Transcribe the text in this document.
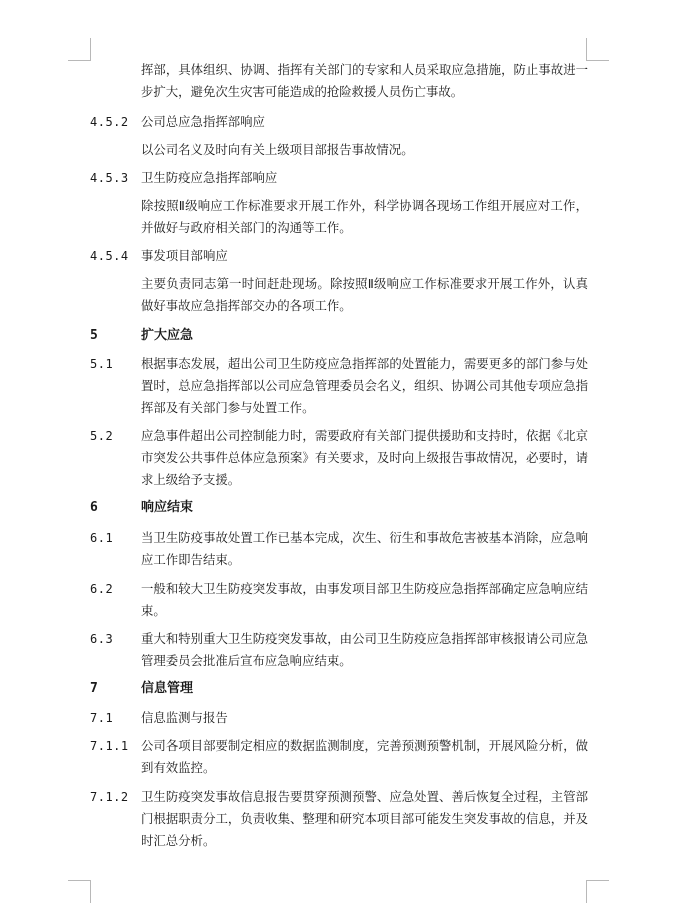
挥部，具体组织、协调、指挥有关部门的专家和人员采取应急措施，防止事故进一步扩大，避免次生灾害可能造成的抢险救援人员伤亡事故。
4.5.2 公司总应急指挥部响应
以公司名义及时向有关上级项目部报告事故情况。
4.5.3 卫生防疫应急指挥部响应
除按照Ⅱ级响应工作标准要求开展工作外，科学协调各现场工作组开展应对工作，并做好与政府相关部门的沟通等工作。
4.5.4 事发项目部响应
主要负责同志第一时间赶赴现场。除按照Ⅱ级响应工作标准要求开展工作外，认真做好事故应急指挥部交办的各项工作。
5	扩大应急
5.1 根据事态发展，超出公司卫生防疫应急指挥部的处置能力，需要更多的部门参与处置时，总应急指挥部以公司应急管理委员会名义，组织、协调公司其他专项应急指挥部及有关部门参与处置工作。
5.2 应急事件超出公司控制能力时，需要政府有关部门提供援助和支持时，依据《北京市突发公共事件总体应急预案》有关要求，及时向上级报告事故情况，必要时，请求上级给予支援。
6	响应结束
6.1 当卫生防疫事故处置工作已基本完成，次生、衍生和事故危害被基本消除，应急响应工作即告结束。
6.2 一般和较大卫生防疫突发事故，由事发项目部卫生防疫应急指挥部确定应急响应结束。
6.3 重大和特别重大卫生防疫突发事故，由公司卫生防疫应急指挥部审核报请公司应急管理委员会批准后宣布应急响应结束。
7	信息管理
7.1 信息监测与报告
7.1.1 公司各项目部要制定相应的数据监测制度，完善预测预警机制，开展风险分析，做到有效监控。
7.1.2 卫生防疫突发事故信息报告要贯穿预测预警、应急处置、善后恢复全过程，主管部门根据职责分工，负责收集、整理和研究本项目部可能发生突发事故的信息，并及时汇总分析。
